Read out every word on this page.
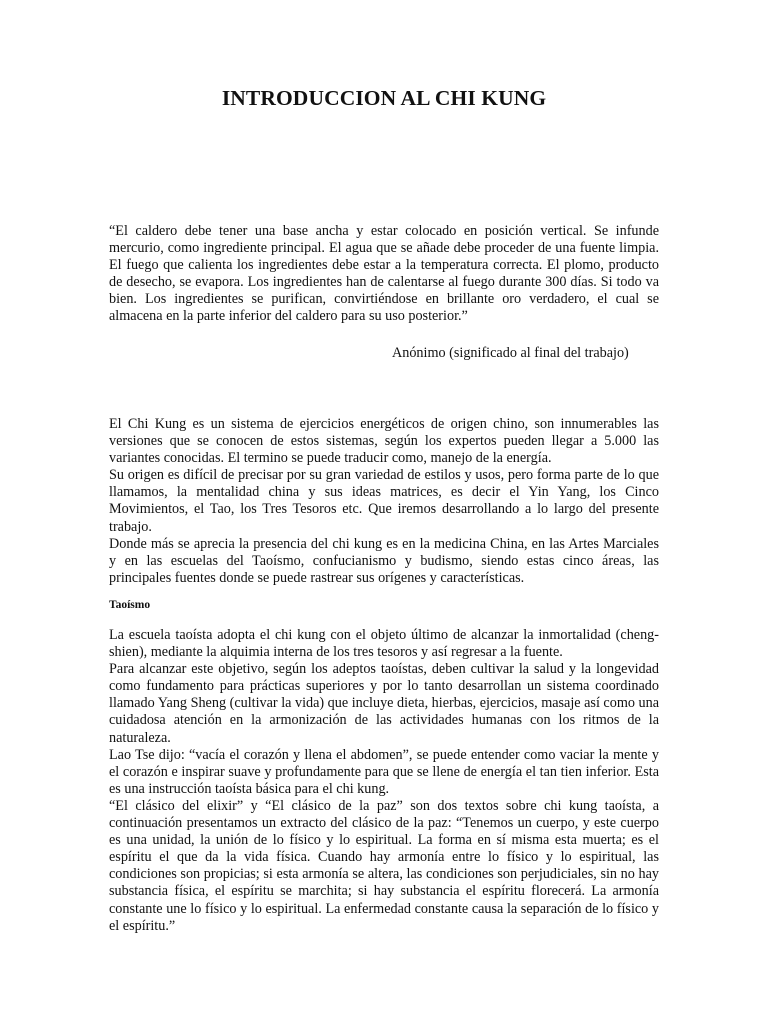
INTRODUCCION AL CHI KUNG

“El caldero debe tener una base ancha y estar colocado en posición vertical. Se infunde mercurio, como ingrediente principal. El agua que se añade debe proceder de una fuente limpia. El fuego que calienta los ingredientes debe estar a la temperatura correcta. El plomo, producto de desecho, se evapora. Los ingredientes han de calentarse al fuego durante 300 días. Si todo va bien. Los ingredientes se purifican, convirtiéndose en brillante oro verdadero, el cual se almacena en la parte inferior del caldero para su uso posterior.”

Anónimo (significado al final del trabajo)

El Chi Kung es un sistema de ejercicios energéticos de origen chino, son innumerables las versiones que se conocen de estos sistemas, según los expertos pueden llegar a 5.000 las variantes conocidas. El termino se puede traducir como, manejo de la energía.

Su origen es difícil de precisar por su gran variedad de estilos y usos, pero forma parte de lo que llamamos, la mentalidad china y sus ideas matrices, es decir el Yin Yang, los Cinco Movimientos, el Tao, los Tres Tesoros etc. Que iremos desarrollando a lo largo del presente trabajo.

Donde más se aprecia la presencia del chi kung es en la medicina China, en las Artes Marciales y en las escuelas del Taoísmo, confucianismo y budismo, siendo estas cinco áreas, las principales fuentes donde se puede rastrear sus orígenes y características.

Taoísmo

La escuela taoísta adopta el chi kung con el objeto último de alcanzar la inmortalidad (cheng-shien), mediante la alquimia interna de los tres tesoros y así regresar a la fuente.

Para alcanzar este objetivo, según los adeptos taoístas, deben cultivar la salud y la longevidad como fundamento para prácticas superiores y por lo tanto desarrollan un sistema coordinado llamado Yang Sheng (cultivar la vida) que incluye dieta, hierbas, ejercicios, masaje así como una cuidadosa atención en la armonización de las actividades humanas con los ritmos de la naturaleza.

Lao Tse dijo: “vacía el corazón y llena el abdomen”, se puede entender como vaciar la mente y el corazón e inspirar suave y profundamente para que se llene de energía el tan tien inferior. Esta es una instrucción taoísta básica para el chi kung.

“El clásico del elixir” y “El clásico de la paz” son dos textos sobre chi kung taoísta, a continuación presentamos un extracto del clásico de la paz: “Tenemos un cuerpo, y este cuerpo es una unidad, la unión de lo físico y lo espiritual. La forma en sí misma esta muerta; es el espíritu el que da la vida física. Cuando hay armonía entre lo físico y lo espiritual, las condiciones son propicias; si esta armonía se altera, las condiciones son perjudiciales, sin no hay substancia física, el espíritu se marchita; si hay substancia el espíritu florecerá. La armonía constante une lo físico y lo espiritual. La enfermedad constante causa la separación de lo físico y el espíritu.”
